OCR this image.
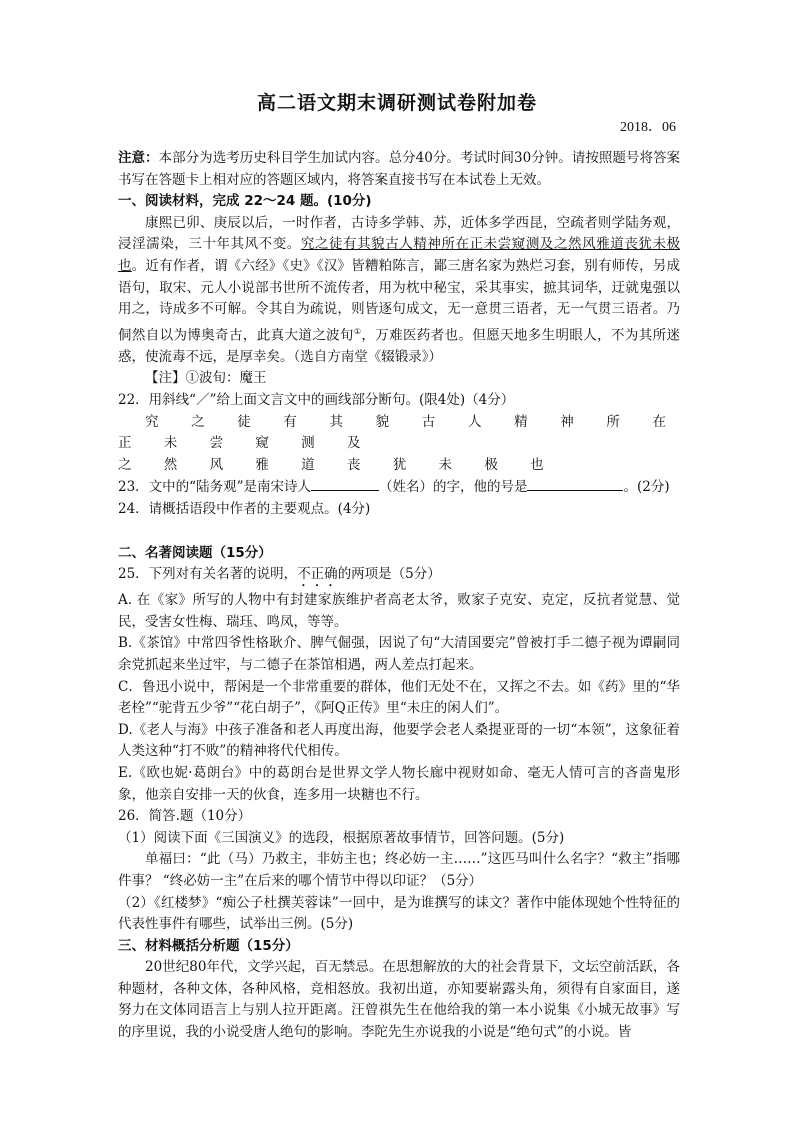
高二语文期末调研测试卷附加卷
2018．06

注意：本部分为选考历史科目学生加试内容。总分40分。考试时间30分钟。请按照题号将答案书写在答题卡上相对应的答题区域内，将答案直接书写在本试卷上无效。

一、阅读材料，完成 22～24 题。(10分)

康熙已卯、庚辰以后，一时作者，古诗多学韩、苏，近体多学西昆，空疏者则学陆务观，浸淫濡染，三十年其风不变。究之徒有其貌古人精神所在正未尝窥测及之然风雅道丧犹未极也。近有作者，谓《六经》《史》《汉》皆糟粕陈言，鄙三唐名家为熟烂习套，别有师传，另成语句，取宋、元人小说部书世所不流传者，用为枕中秘宝，采其事实，摭其词华，迂就鬼强以用之，诗成多不可解。令其自为疏说，则皆逐句成文，无一意贯三语者，无一气贯三语者。乃侗然自以为博奥奇古，此真大道之波旬①，万难医药者也。但愿天地多生明眼人，不为其所迷惑，使流毒不远，是厚幸矣。（选自方南堂《辍锻录》）

【注】①波旬：魔王

22．用斜线“／”给上面文言文中的画线部分断句。(限4处)（4分）

究 之 徒 有 其 貌 古 人 精 神 所 在 正 未 尝 窥 测 及

之 然 风 雅 道 丧 犹 未 极 也

23．文中的“陆务观”是南宋诗人	（姓名）的字，他的号是	。(2分)

24．请概括语段中作者的主要观点。(4分)

二、名著阅读题（15分）

25．下列对有关名著的说明，不正确的两项是（5分）

A. 在《家》所写的人物中有封建家族维护者高老太爷，败家子克安、克定，反抗者觉慧、觉民，受害女性梅、瑞珏、鸣凤，等等。

B.《茶馆》中常四爷性格耿介、脾气倔强，因说了句“大清国要完”曾被打手二德子视为谭嗣同余党抓起来坐过牢，与二德子在茶馆相遇，两人差点打起来。

C．鲁迅小说中，帮闲是一个非常重要的群体，他们无处不在，又挥之不去。如《药》里的“华老栓”“驼背五少爷”“花白胡子”，《阿Q正传》里“未庄的闲人们”。

D.《老人与海》中孩子准备和老人再度出海，他要学会老人桑提亚哥的一切“本领”，这象征着人类这种“打不败”的精神将代代相传。

E.《欧也妮·葛朗台》中的葛朗台是世界文学人物长廊中视财如命、毫无人情可言的吝啬鬼形象，他亲自安排一天的伙食，连多用一块糖也不行。

26．简答.题（10分）

（1）阅读下面《三国演义》的选段，根据原著故事情节，回答问题。(5分)

单福曰：“此（马）乃救主，非妨主也；终必妨一主……”这匹马叫什么名字？“救主”指哪件事？ “终必妨一主”在后来的哪个情节中得以印证？（5分）

（2）《红楼梦》“痴公子杜撰芙蓉诔”一回中，是为谁撰写的诔文？著作中能体现她个性特征的代表性事件有哪些，试举出三例。(5分)

三、材料概括分析题（15分）

20世纪80年代，文学兴起，百无禁忌。在思想解放的大的社会背景下，文坛空前活跃，各种题材，各种文体，各种风格，竞相怒放。我初出道，亦知要崭露头角，须得有自家面目，遂努力在文体同语言上与别人拉开距离。汪曾祺先生在他给我的第一本小说集《小城无故事》写的序里说，我的小说受唐人绝句的影响。李陀先生亦说我的小说是“绝句式”的小说。皆
